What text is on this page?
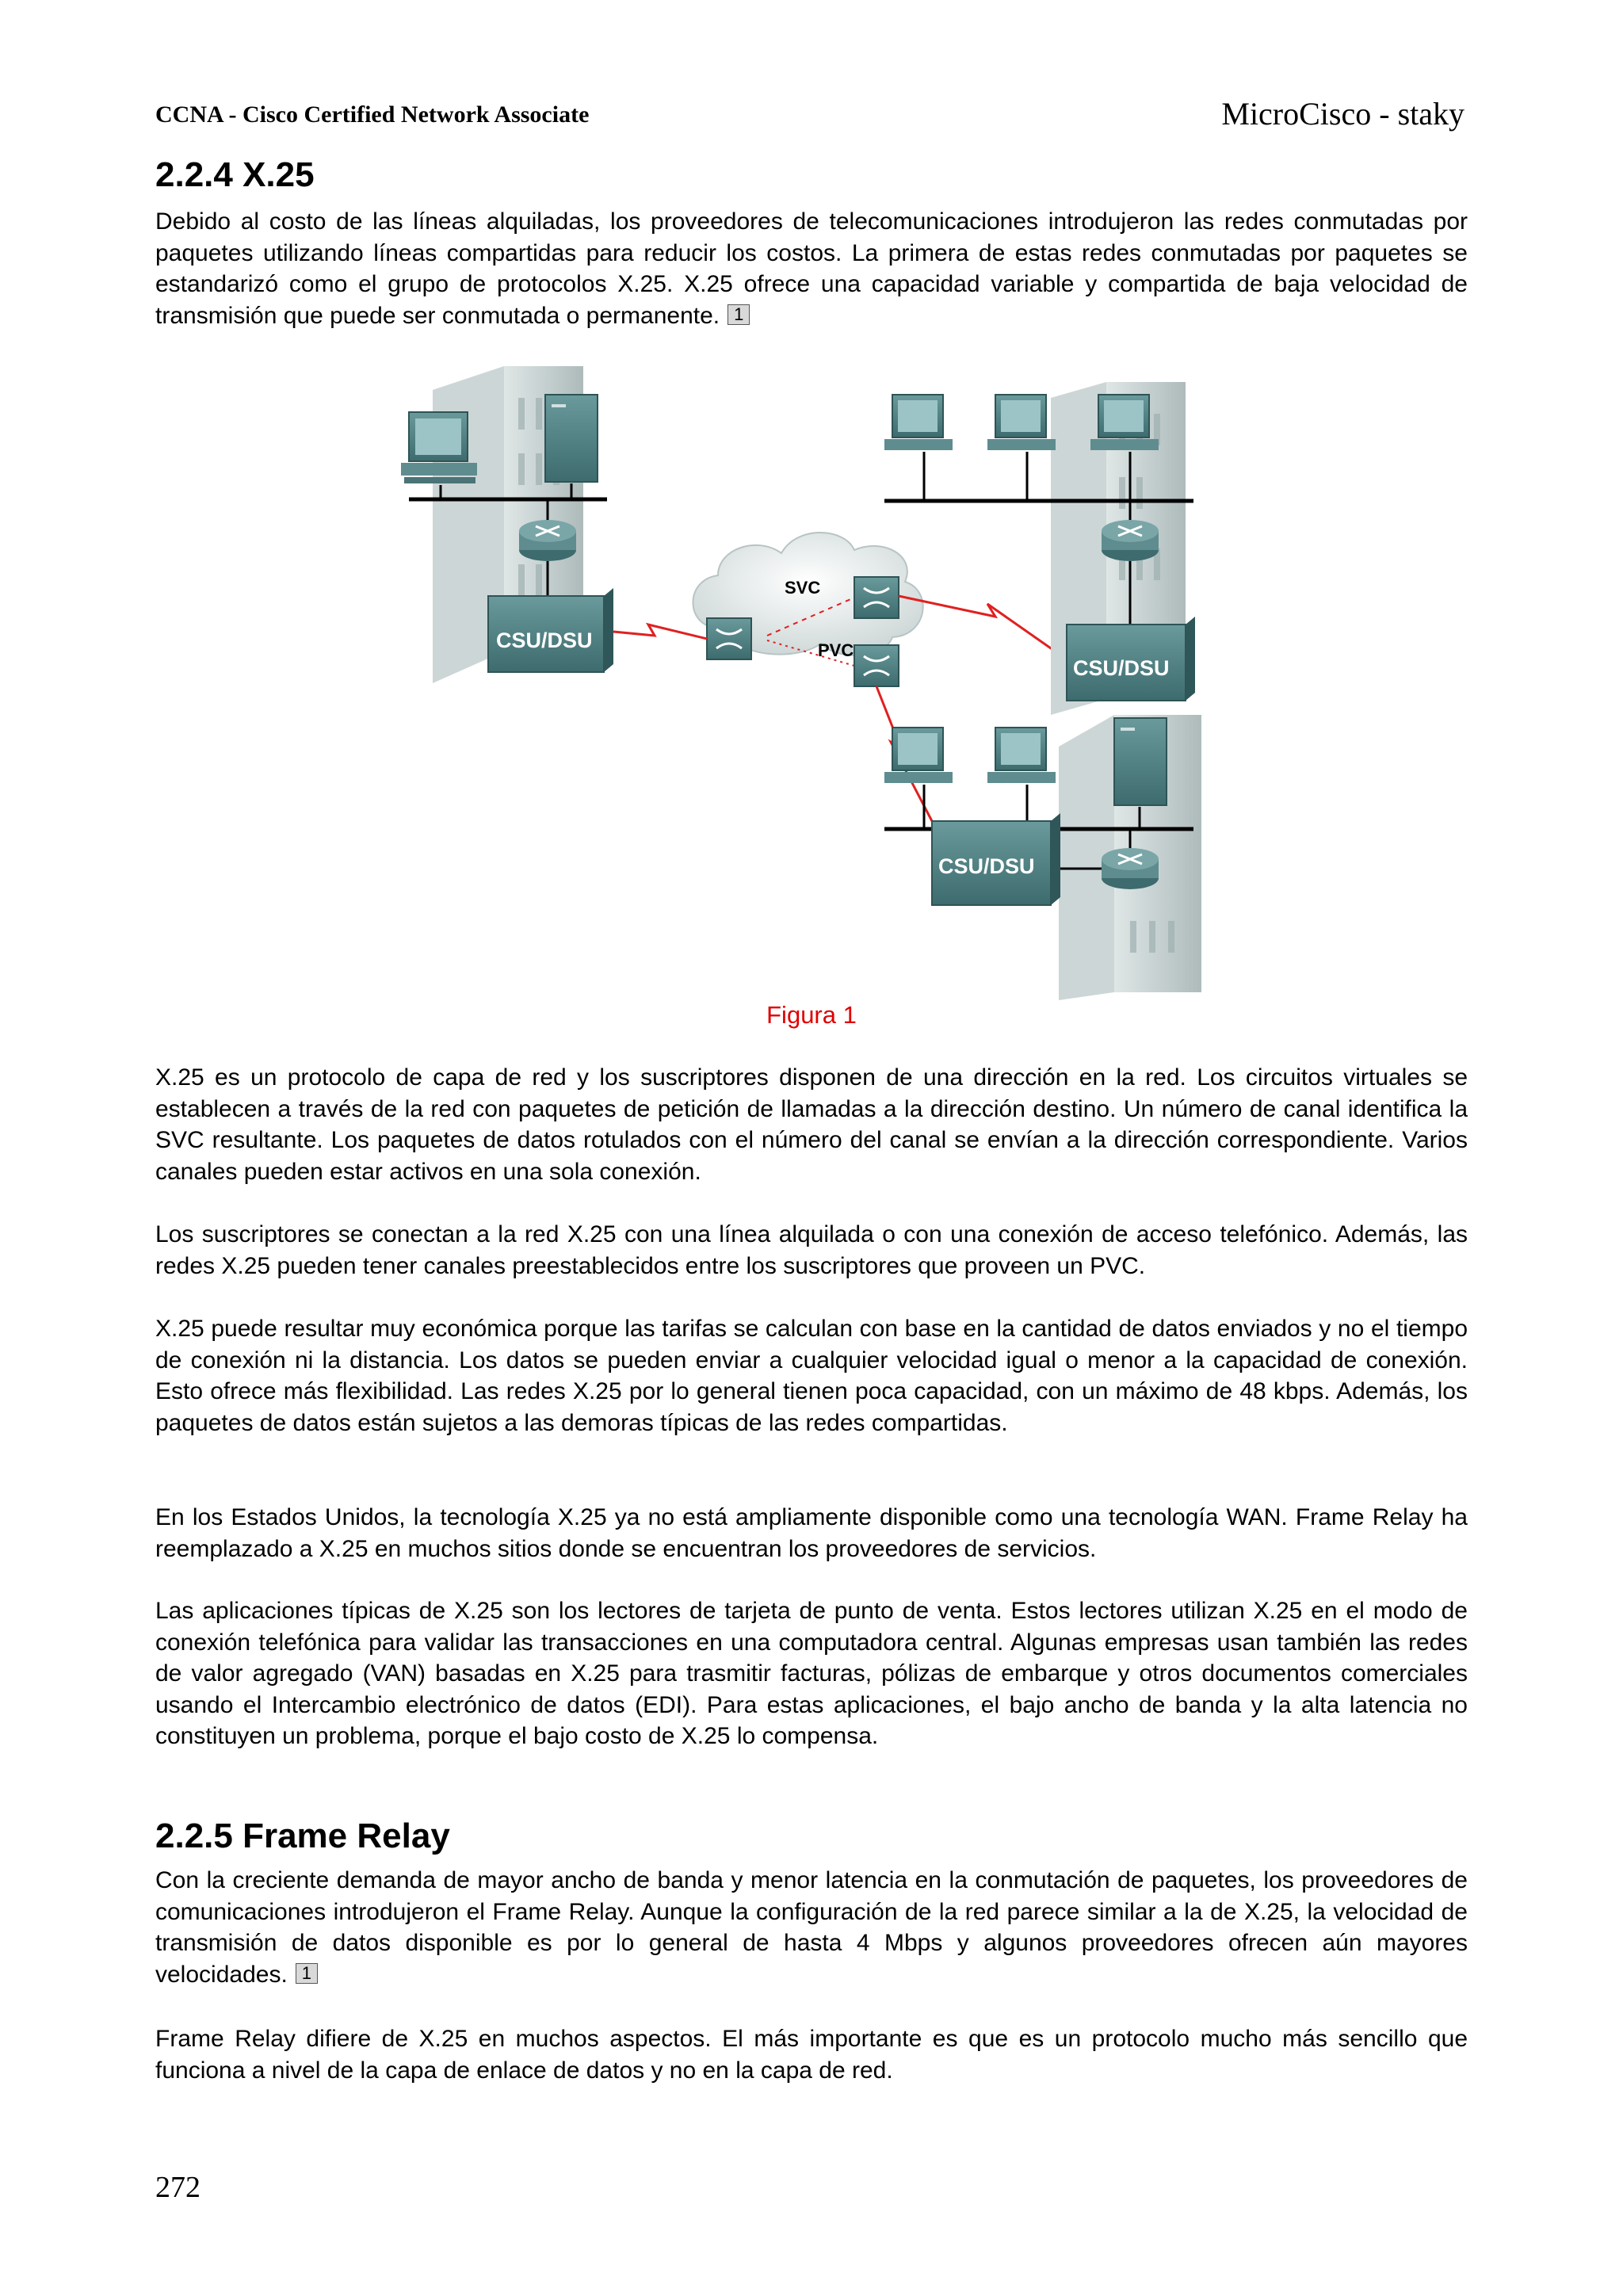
CCNA - Cisco Certified Network Associate	MicroCisco - staky
2.2.4 X.25

Debido al costo de las líneas alquiladas, los proveedores de telecomunicaciones introdujeron las redes conmutadas por paquetes utilizando líneas compartidas para reducir los costos. La primera de estas redes conmutadas por paquetes se estandarizó como el grupo de protocolos X.25. X.25 ofrece una capacidad variable y compartida de baja velocidad de transmisión que puede ser conmutada o permanente. 1

CSU/DSU
SVC
PVC
CSU/DSU
CSU/DSU
Figura 1

X.25 es un protocolo de capa de red y los suscriptores disponen de una dirección en la red. Los circuitos virtuales se establecen a través de la red con paquetes de petición de llamadas a la dirección destino. Un número de canal identifica la SVC resultante. Los paquetes de datos rotulados con el número del canal se envían a la dirección correspondiente. Varios canales pueden estar activos en una sola conexión.

Los suscriptores se conectan a la red X.25 con una línea alquilada o con una conexión de acceso telefónico. Además, las redes X.25 pueden tener canales preestablecidos entre los suscriptores que proveen un PVC.

X.25 puede resultar muy económica porque las tarifas se calculan con base en la cantidad de datos enviados y no el tiempo de conexión ni la distancia. Los datos se pueden enviar a cualquier velocidad igual o menor a la capacidad de conexión. Esto ofrece más flexibilidad. Las redes X.25 por lo general tienen poca capacidad, con un máximo de 48 kbps. Además, los paquetes de datos están sujetos a las demoras típicas de las redes compartidas.

En los Estados Unidos, la tecnología X.25 ya no está ampliamente disponible como una tecnología WAN. Frame Relay ha reemplazado a X.25 en muchos sitios donde se encuentran los proveedores de servicios.

Las aplicaciones típicas de X.25 son los lectores de tarjeta de punto de venta. Estos lectores utilizan X.25 en el modo de conexión telefónica para validar las transacciones en una computadora central. Algunas empresas usan también las redes de valor agregado (VAN) basadas en X.25 para trasmitir facturas, pólizas de embarque y otros documentos comerciales usando el Intercambio electrónico de datos (EDI). Para estas aplicaciones, el bajo ancho de banda y la alta latencia no constituyen un problema, porque el bajo costo de X.25 lo compensa.

2.2.5 Frame Relay

Con la creciente demanda de mayor ancho de banda y menor latencia en la conmutación de paquetes, los proveedores de comunicaciones introdujeron el Frame Relay. Aunque la configuración de la red parece similar a la de X.25, la velocidad de transmisión de datos disponible es por lo general de hasta 4 Mbps y algunos proveedores ofrecen aún mayores velocidades. 1

Frame Relay difiere de X.25 en muchos aspectos. El más importante es que es un protocolo mucho más sencillo que funciona a nivel de la capa de enlace de datos y no en la capa de red.

272
